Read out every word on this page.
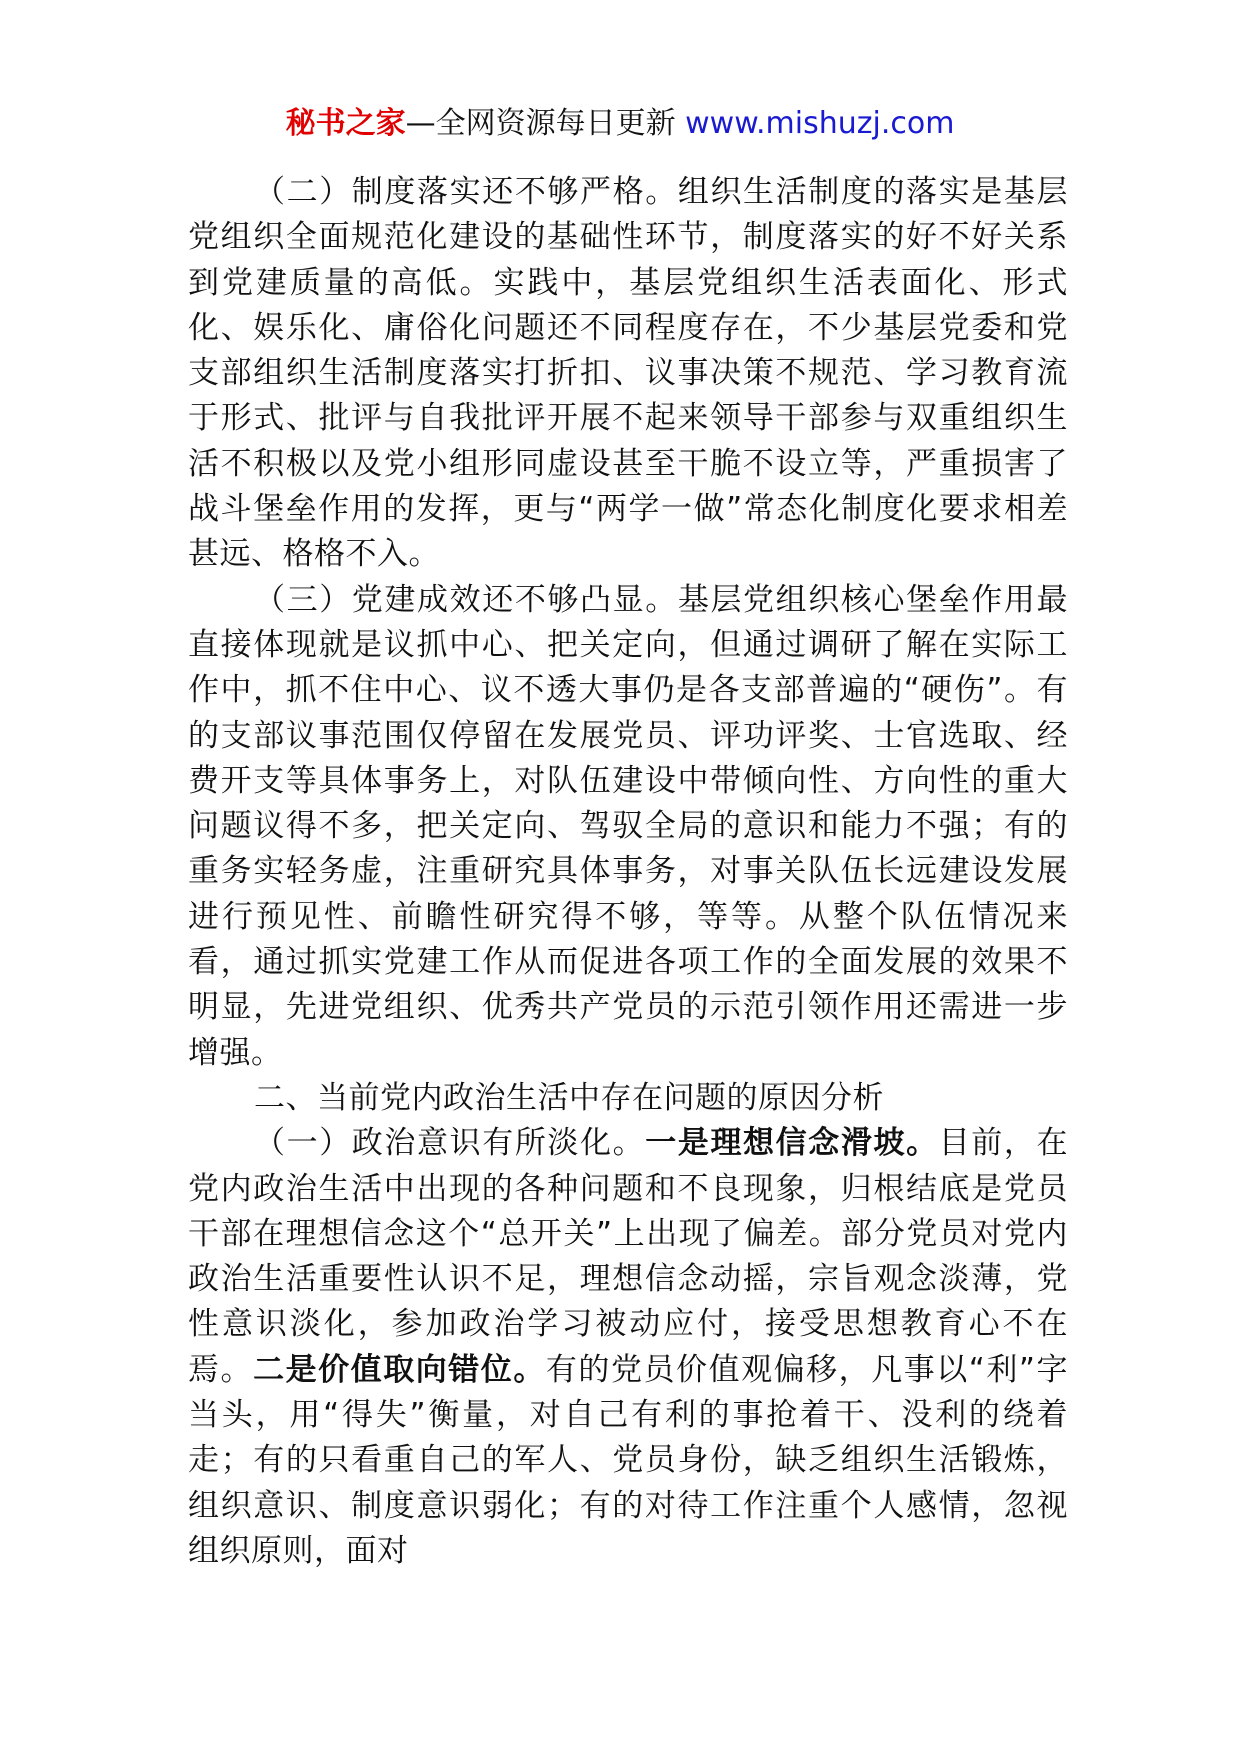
秘书之家—全网资源每日更新 www.mishuzj.com

（二）制度落实还不够严格。组织生活制度的落实是基层党组织全面规范化建设的基础性环节，制度落实的好不好关系到党建质量的高低。实践中，基层党组织生活表面化、形式化、娱乐化、庸俗化问题还不同程度存在，不少基层党委和党支部组织生活制度落实打折扣、议事决策不规范、学习教育流于形式、批评与自我批评开展不起来领导干部参与双重组织生活不积极以及党小组形同虚设甚至干脆不设立等，严重损害了战斗堡垒作用的发挥，更与“两学一做”常态化制度化要求相差甚远、格格不入。

（三）党建成效还不够凸显。基层党组织核心堡垒作用最直接体现就是议抓中心、把关定向，但通过调研了解在实际工作中，抓不住中心、议不透大事仍是各支部普遍的“硬伤”。有的支部议事范围仅停留在发展党员、评功评奖、士官选取、经费开支等具体事务上，对队伍建设中带倾向性、方向性的重大问题议得不多，把关定向、驾驭全局的意识和能力不强；有的重务实轻务虚，注重研究具体事务，对事关队伍长远建设发展进行预见性、前瞻性研究得不够，等等。从整个队伍情况来看，通过抓实党建工作从而促进各项工作的全面发展的效果不明显，先进党组织、优秀共产党员的示范引领作用还需进一步增强。

二、当前党内政治生活中存在问题的原因分析

（一）政治意识有所淡化。一是理想信念滑坡。目前，在党内政治生活中出现的各种问题和不良现象，归根结底是党员干部在理想信念这个“总开关”上出现了偏差。部分党员对党内政治生活重要性认识不足，理想信念动摇，宗旨观念淡薄，党性意识淡化，参加政治学习被动应付，接受思想教育心不在焉。二是价值取向错位。有的党员价值观偏移，凡事以“利”字当头，用“得失”衡量，对自己有利的事抢着干、没利的绕着走；有的只看重自己的军人、党员身份，缺乏组织生活锻炼，组织意识、制度意识弱化；有的对待工作注重个人感情，忽视组织原则，面对
